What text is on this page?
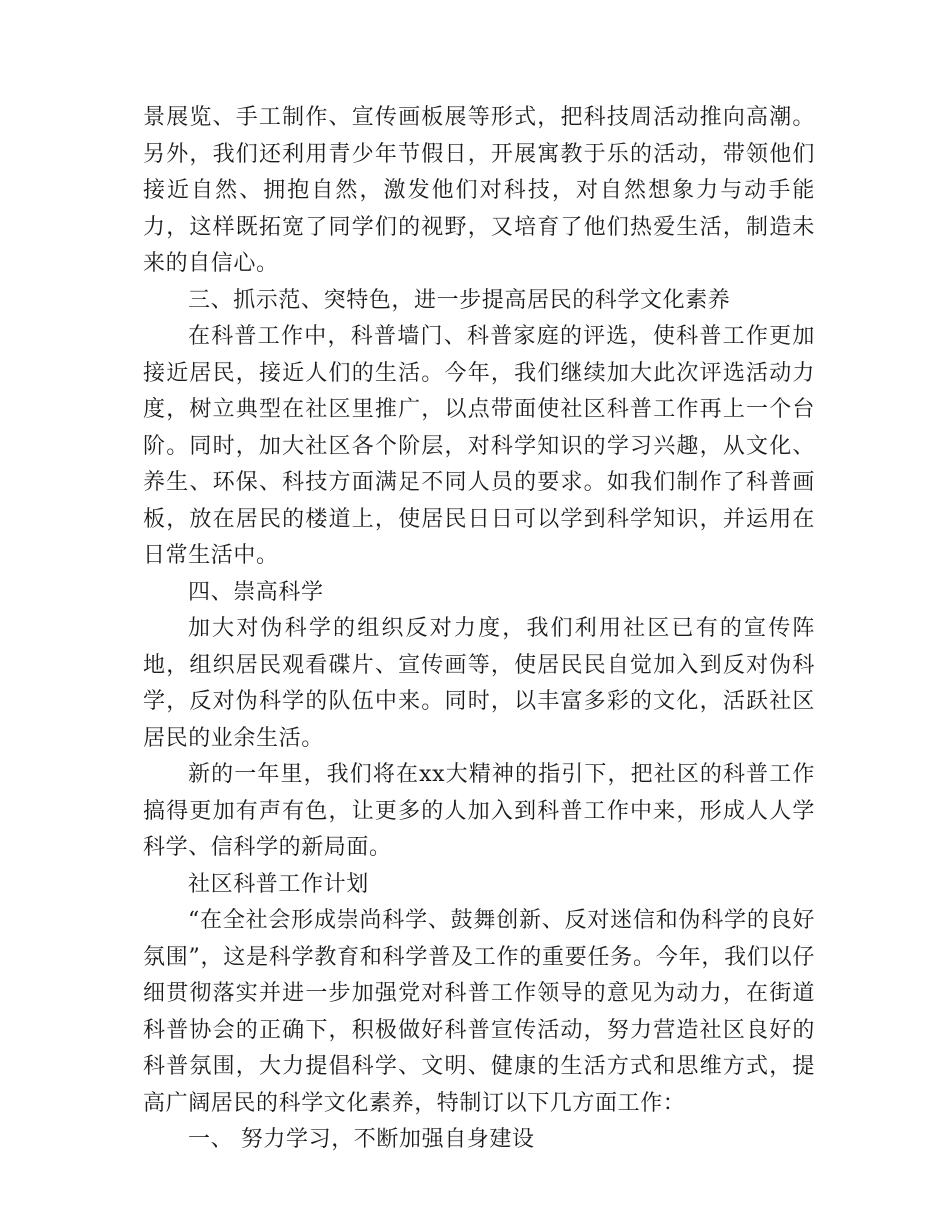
景展览、手工制作、宣传画板展等形式，把科技周活动推向高潮。另外，我们还利用青少年节假日，开展寓教于乐的活动，带领他们接近自然、拥抱自然，激发他们对科技，对自然想象力与动手能力，这样既拓宽了同学们的视野，又培育了他们热爱生活，制造未来的自信心。

三、抓示范、突特色，进一步提高居民的科学文化素养

在科普工作中，科普墙门、科普家庭的评选，使科普工作更加接近居民，接近人们的生活。今年，我们继续加大此次评选活动力度，树立典型在社区里推广，以点带面使社区科普工作再上一个台阶。同时，加大社区各个阶层，对科学知识的学习兴趣，从文化、养生、环保、科技方面满足不同人员的要求。如我们制作了科普画板，放在居民的楼道上，使居民日日可以学到科学知识，并运用在日常生活中。

四、崇高科学

加大对伪科学的组织反对力度，我们利用社区已有的宣传阵地，组织居民观看碟片、宣传画等，使居民民自觉加入到反对伪科学，反对伪科学的队伍中来。同时，以丰富多彩的文化，活跃社区居民的业余生活。

新的一年里，我们将在xx大精神的指引下，把社区的科普工作搞得更加有声有色，让更多的人加入到科普工作中来，形成人人学科学、信科学的新局面。

社区科普工作计划

“在全社会形成崇尚科学、鼓舞创新、反对迷信和伪科学的良好氛围”，这是科学教育和科学普及工作的重要任务。今年，我们以仔细贯彻落实并进一步加强党对科普工作领导的意见为动力，在街道科普协会的正确下，积极做好科普宣传活动，努力营造社区良好的科普氛围，大力提倡科学、文明、健康的生活方式和思维方式，提高广阔居民的科学文化素养，特制订以下几方面工作：

一、 努力学习，不断加强自身建设
